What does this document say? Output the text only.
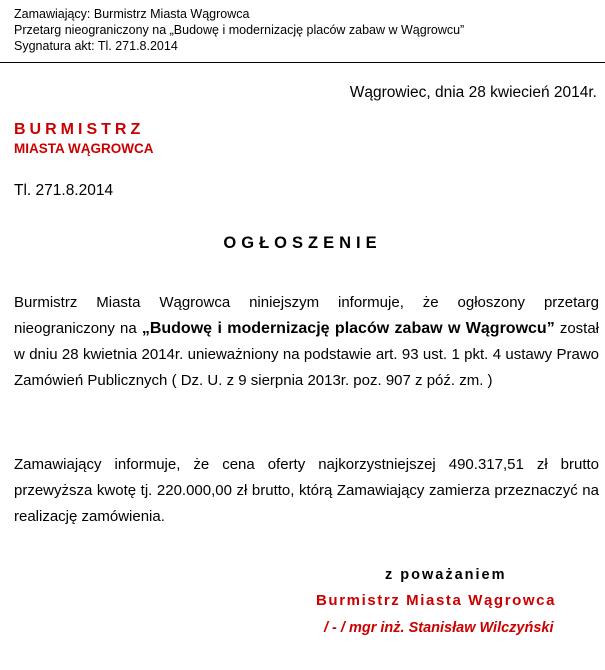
Zamawiający: Burmistrz Miasta Wągrowca
Przetarg nieograniczony na „Budowę i modernizację placów zabaw w Wągrowcu”
Sygnatura akt: Tl. 271.8.2014
Wągrowiec, dnia 28 kwiecień 2014r.
BURMISTRZ
MIASTA WĄGROWCA
Tl. 271.8.2014
OGŁOSZENIE
Burmistrz Miasta Wągrowca niniejszym informuje, że ogłoszony przetarg nieograniczony na „Budowę i modernizację placów zabaw w Wągrowcu” został w dniu 28 kwietnia 2014r. unieważniony na podstawie art. 93 ust. 1 pkt. 4 ustawy Prawo Zamówień Publicznych ( Dz. U. z 9 sierpnia 2013r. poz. 907 z póź. zm. )
Zamawiający informuje, że cena oferty najkorzystniejszej 490.317,51 zł brutto przewyższa kwotę tj. 220.000,00 zł brutto, którą Zamawiający zamierza przeznaczyć na realizację zamówienia.
z poważaniem
Burmistrz Miasta Wągrowca
/ - / mgr inż. Stanisław Wilczyński
